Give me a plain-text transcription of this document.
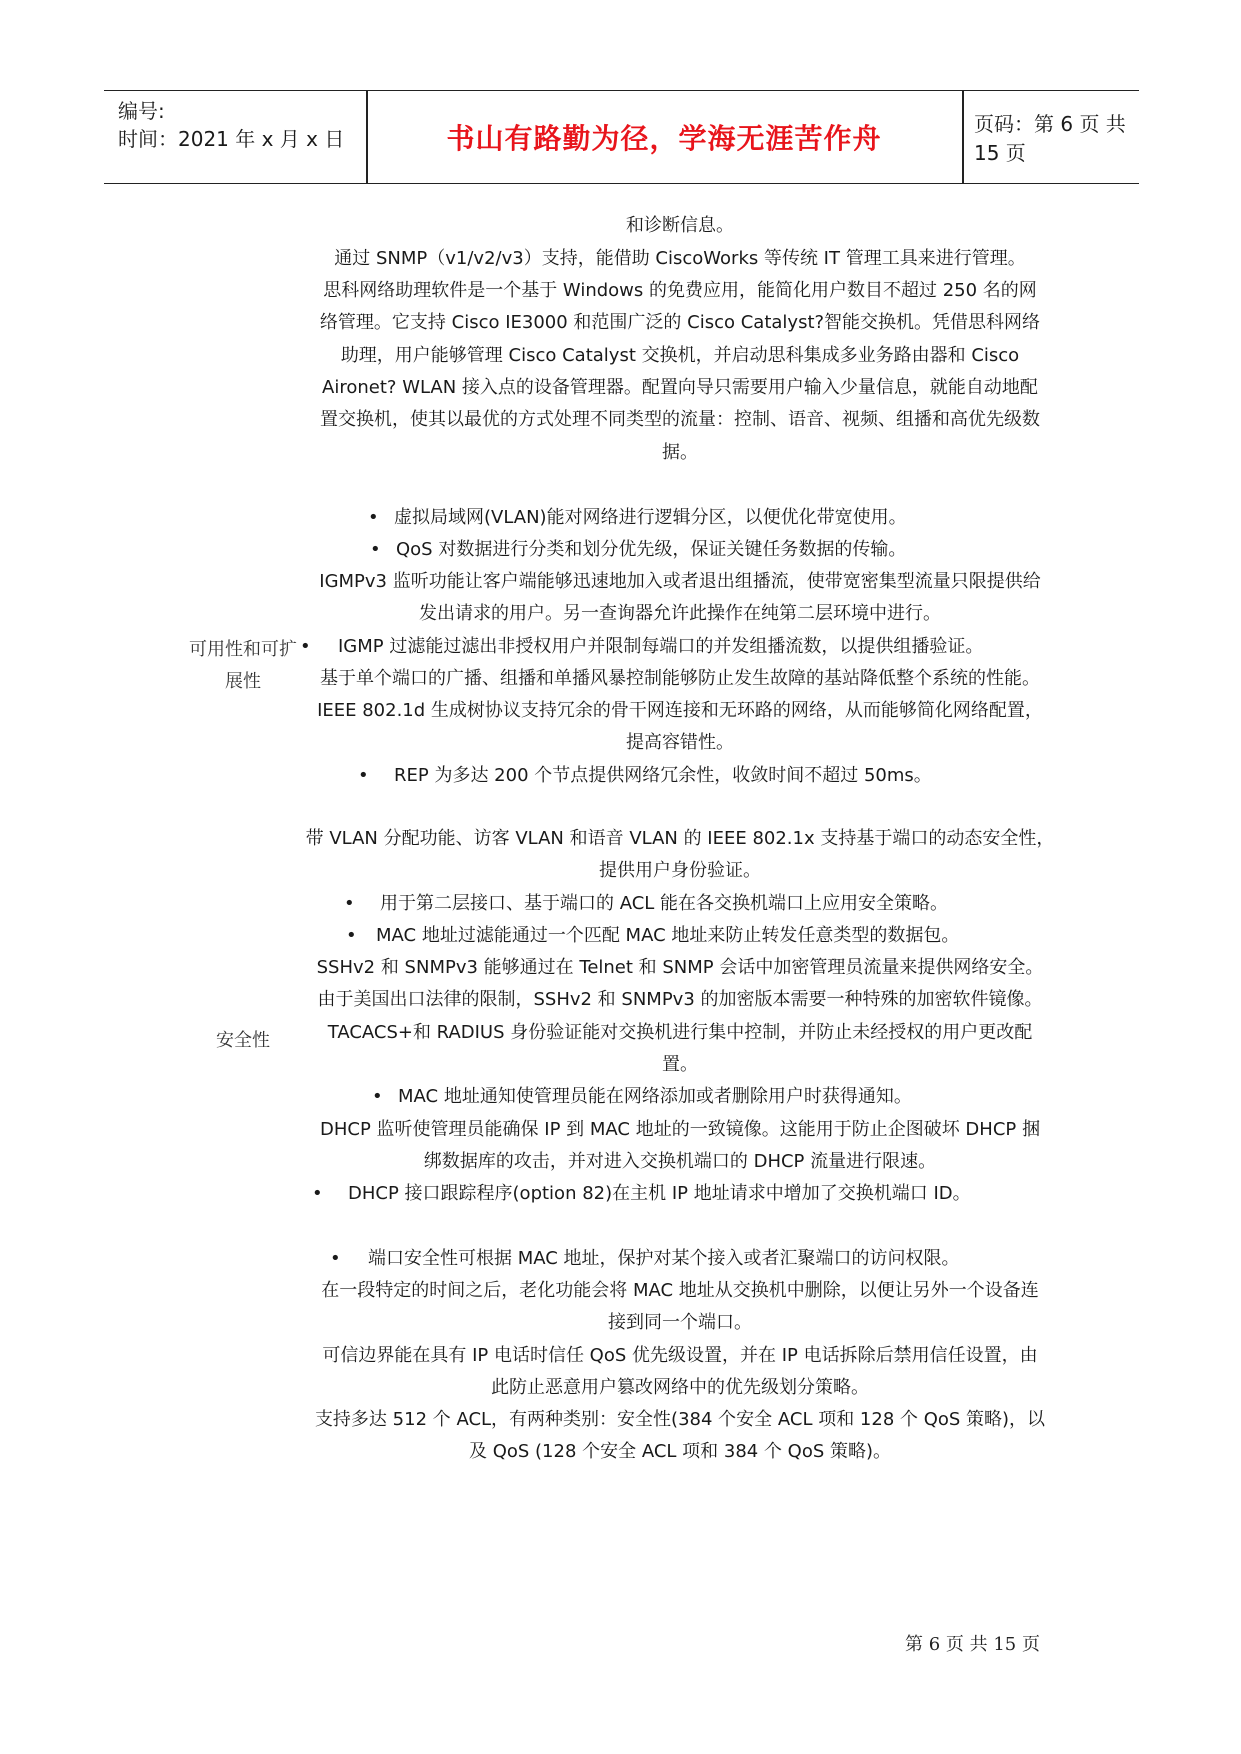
编号:
时间：2021 年 x 月 x 日	书山有路勤为径，学海无涯苦作舟	页码：第 6 页 共 15 页
可用性和可扩展性
安全性
和诊断信息。
通过 SNMP（v1/v2/v3）支持，能借助 CiscoWorks 等传统 IT 管理工具来进行管理。
思科网络助理软件是一个基于 Windows 的免费应用，能简化用户数目不超过 250 名的网
络管理。它支持 Cisco IE3000 和范围广泛的 Cisco Catalyst?智能交换机。凭借思科网络
助理，用户能够管理 Cisco Catalyst 交换机，并启动思科集成多业务路由器和 Cisco
Aironet? WLAN 接入点的设备管理器。配置向导只需要用户输入少量信息，就能自动地配
置交换机，使其以最优的方式处理不同类型的流量：控制、语音、视频、组播和高优先级数
据。
• 虚拟局域网(VLAN)能对网络进行逻辑分区，以便优化带宽使用。
• QoS 对数据进行分类和划分优先级，保证关键任务数据的传输。
IGMPv3 监听功能让客户端能够迅速地加入或者退出组播流，使带宽密集型流量只限提供给
发出请求的用户。另一查询器允许此操作在纯第二层环境中进行。
• IGMP 过滤能过滤出非授权用户并限制每端口的并发组播流数，以提供组播验证。
基于单个端口的广播、组播和单播风暴控制能够防止发生故障的基站降低整个系统的性能。
IEEE 802.1d 生成树协议支持冗余的骨干网连接和无环路的网络，从而能够简化网络配置，
提高容错性。
• REP 为多达 200 个节点提供网络冗余性，收敛时间不超过 50ms。
带 VLAN 分配功能、访客 VLAN 和语音 VLAN 的 IEEE 802.1x 支持基于端口的动态安全性，
提供用户身份验证。
• 用于第二层接口、基于端口的 ACL 能在各交换机端口上应用安全策略。
• MAC 地址过滤能通过一个匹配 MAC 地址来防止转发任意类型的数据包。
SSHv2 和 SNMPv3 能够通过在 Telnet 和 SNMP 会话中加密管理员流量来提供网络安全。
由于美国出口法律的限制，SSHv2 和 SNMPv3 的加密版本需要一种特殊的加密软件镜像。
TACACS+和 RADIUS 身份验证能对交换机进行集中控制，并防止未经授权的用户更改配
置。
• MAC 地址通知使管理员能在网络添加或者删除用户时获得通知。
DHCP 监听使管理员能确保 IP 到 MAC 地址的一致镜像。这能用于防止企图破坏 DHCP 捆
绑数据库的攻击，并对进入交换机端口的 DHCP 流量进行限速。
• DHCP 接口跟踪程序(option 82)在主机 IP 地址请求中增加了交换机端口 ID。
• 端口安全性可根据 MAC 地址，保护对某个接入或者汇聚端口的访问权限。
在一段特定的时间之后，老化功能会将 MAC 地址从交换机中删除，以便让另外一个设备连
接到同一个端口。
可信边界能在具有 IP 电话时信任 QoS 优先级设置，并在 IP 电话拆除后禁用信任设置，由
此防止恶意用户篡改网络中的优先级划分策略。
支持多达 512 个 ACL，有两种类别：安全性(384 个安全 ACL 项和 128 个 QoS 策略)，以
及 QoS (128 个安全 ACL 项和 384 个 QoS 策略)。
第 6 页 共 15 页
